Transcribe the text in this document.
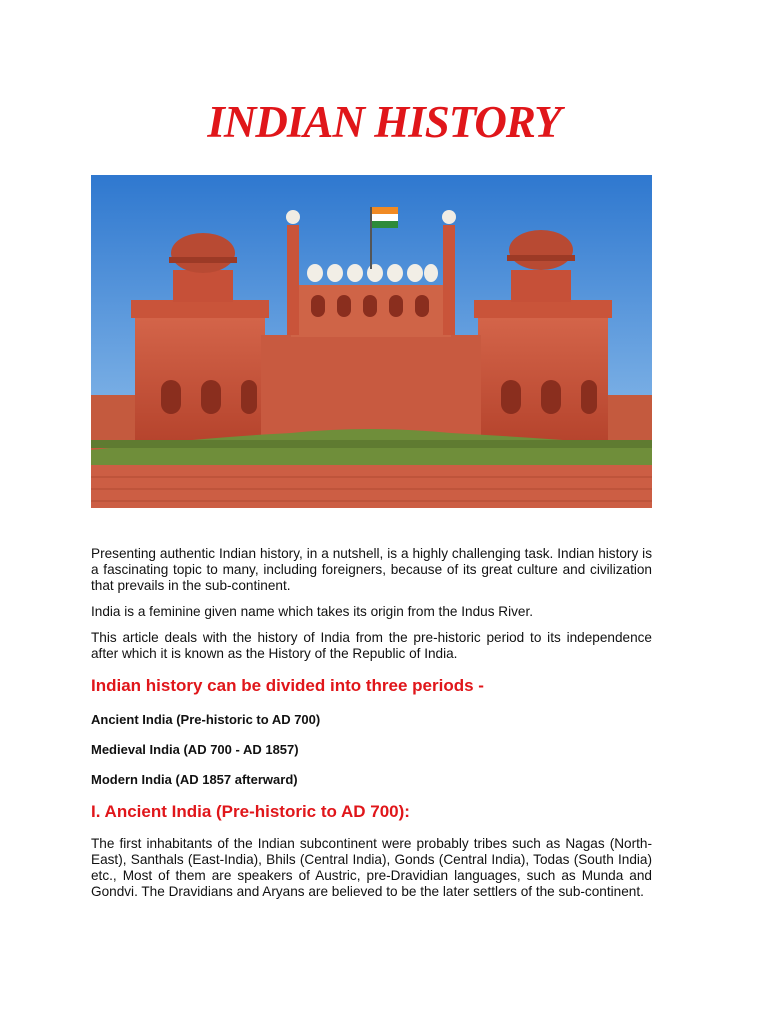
INDIAN HISTORY

Presenting authentic Indian history, in a nutshell, is a highly challenging task. Indian history is a fascinating topic to many, including foreigners, because of its great culture and civilization that prevails in the sub-continent.

India is a feminine given name which takes its origin from the Indus River.

This article deals with the history of India from the pre-historic period to its independence after which it is known as the History of the Republic of India.

Indian history can be divided into three periods -
Ancient India (Pre-historic to AD 700)
Medieval India (AD 700 - AD 1857)
Modern India (AD 1857 afterward)
I. Ancient India (Pre-historic to AD 700):

The first inhabitants of the Indian subcontinent were probably tribes such as Nagas (North-East), Santhals (East-India), Bhils (Central India), Gonds (Central India), Todas (South India) etc., Most of them are speakers of Austric, pre-Dravidian languages, such as Munda and Gondvi. The Dravidians and Aryans are believed to be the later settlers of the sub-continent.
